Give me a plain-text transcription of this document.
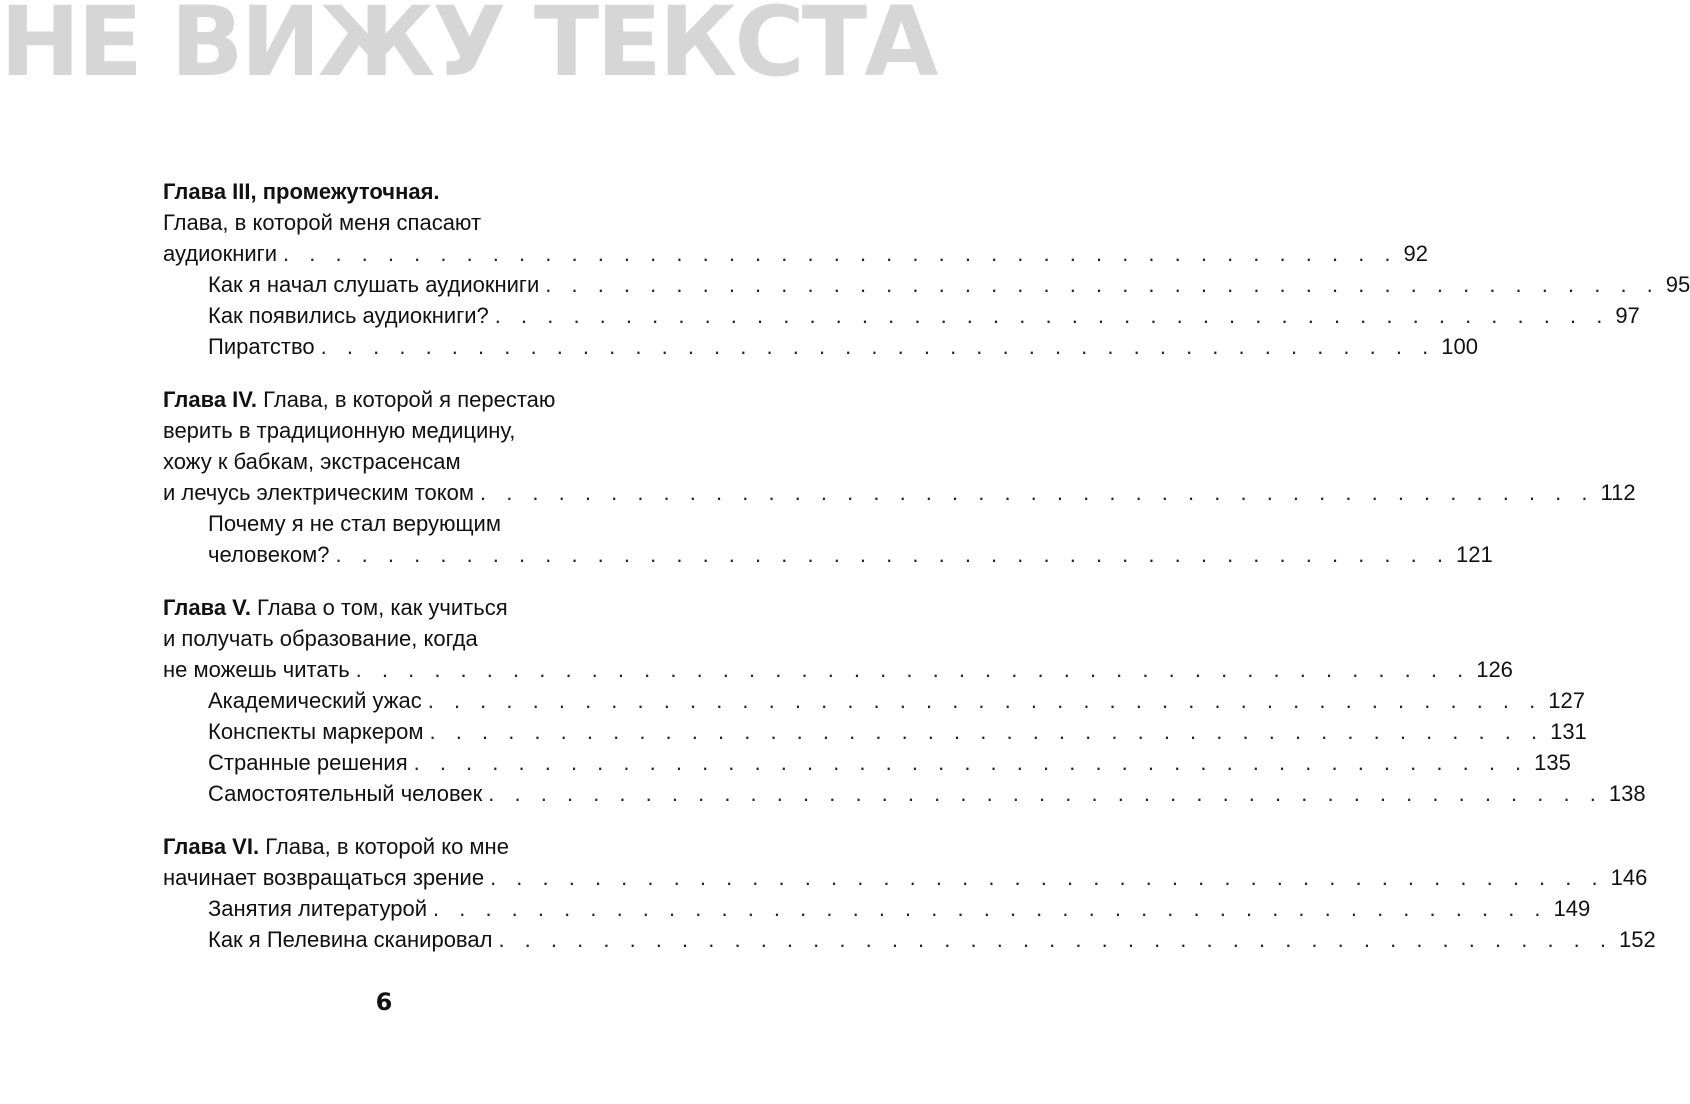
НЕ ВИЖУ ТЕКСТА
Глава III, промежуточная.
Глава, в которой меня спасают
аудиокниги . . . . . . . . . . . . . . . . . . . . . . . . . . . . . . . . . . . . . . . . . . . 92
Как я начал слушать аудиокниги . . . . . . . . . . . . . . . . . . . . . . . . . . . . . . . . . . . . . . . . . . . 95
Как появились аудиокниги? . . . . . . . . . . . . . . . . . . . . . . . . . . . . . . . . . . . . . . . . . . . 97
Пиратство . . . . . . . . . . . . . . . . . . . . . . . . . . . . . . . . . . . . . . . . . . . 100
Глава IV. Глава, в которой я перестаю
верить в традиционную медицину,
хожу к бабкам, экстрасенсам
и лечусь электрическим током . . . . . . . . . . . . . . . . . . . . . . . . . . . . . . . . . . . . . . . . . . . 112
Почему я не стал верующим
человеком? . . . . . . . . . . . . . . . . . . . . . . . . . . . . . . . . . . . . . . . . . . . 121
Глава V. Глава о том, как учиться
и получать образование, когда
не можешь читать . . . . . . . . . . . . . . . . . . . . . . . . . . . . . . . . . . . . . . . . . . . 126
Академический ужас . . . . . . . . . . . . . . . . . . . . . . . . . . . . . . . . . . . . . . . . . . . 127
Конспекты маркером . . . . . . . . . . . . . . . . . . . . . . . . . . . . . . . . . . . . . . . . . . . 131
Странные решения . . . . . . . . . . . . . . . . . . . . . . . . . . . . . . . . . . . . . . . . . . . 135
Самостоятельный человек . . . . . . . . . . . . . . . . . . . . . . . . . . . . . . . . . . . . . . . . . . . 138
Глава VI. Глава, в которой ко мне
начинает возвращаться зрение . . . . . . . . . . . . . . . . . . . . . . . . . . . . . . . . . . . . . . . . . . . 146
Занятия литературой . . . . . . . . . . . . . . . . . . . . . . . . . . . . . . . . . . . . . . . . . . . 149
Как я Пелевина сканировал . . . . . . . . . . . . . . . . . . . . . . . . . . . . . . . . . . . . . . . . . . . 152
6
